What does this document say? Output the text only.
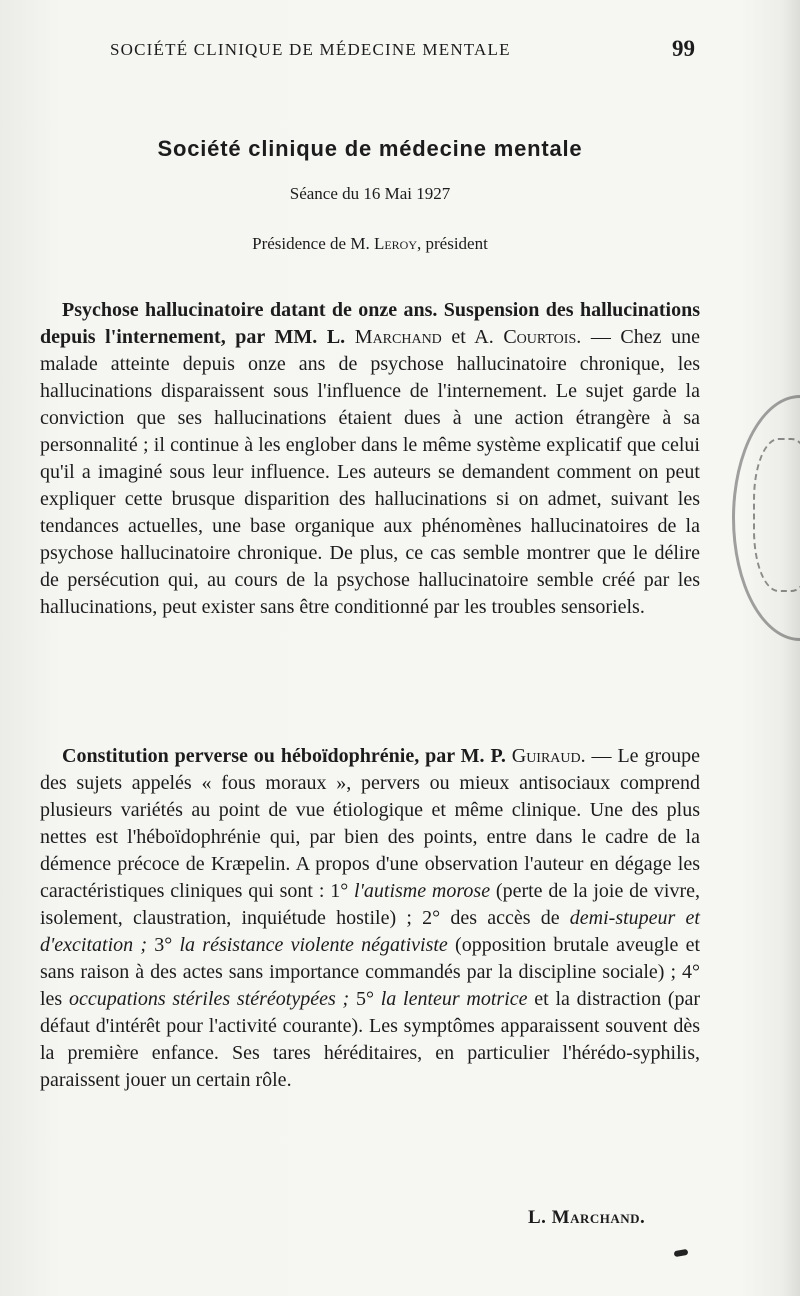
SOCIÉTÉ CLINIQUE DE MÉDECINE MENTALE	99
Société clinique de médecine mentale
Séance du 16 Mai 1927
Présidence de M. Leroy, président

Psychose hallucinatoire datant de onze ans. Suspension des hallucinations depuis l'internement, par MM. L. Marchand et A. Courtois. — Chez une malade atteinte depuis onze ans de psychose hallucinatoire chronique, les hallucinations disparaissent sous l'influence de l'internement. Le sujet garde la conviction que ses hallucinations étaient dues à une action étrangère à sa personnalité ; il continue à les englober dans le même système explicatif que celui qu'il a imaginé sous leur influence. Les auteurs se demandent comment on peut expliquer cette brusque disparition des hallucinations si on admet, suivant les tendances actuelles, une base organique aux phénomènes hallucinatoires de la psychose hallucinatoire chronique. De plus, ce cas semble montrer que le délire de persécution qui, au cours de la psychose hallucinatoire semble créé par les hallucinations, peut exister sans être conditionné par les troubles sensoriels.

Constitution perverse ou hébоïdophrénie, par M. P. Guiraud. — Le groupe des sujets appelés « fous moraux », pervers ou mieux antisociaux comprend plusieurs variétés au point de vue étiologique et même clinique. Une des plus nettes est l'héboïdophrénie qui, par bien des points, entre dans le cadre de la démence précoce de Kræpelin. A propos d'une observation l'auteur en dégage les caractéristiques cliniques qui sont : 1° l'autisme morose (perte de la joie de vivre, isolement, claustration, inquiétude hostile) ; 2° des accès de demi-stupeur et d'excitation ; 3° la résistance violente négativiste (opposition brutale aveugle et sans raison à des actes sans importance commandés par la discipline sociale) ; 4° les occupations stériles stéréotypées ; 5° la lenteur motrice et la distraction (par défaut d'intérêt pour l'activité courante). Les symptômes apparaissent souvent dès la première enfance. Ses tares héréditaires, en particulier l'hérédo-syphilis, paraissent jouer un certain rôle.

L. Marchand.
